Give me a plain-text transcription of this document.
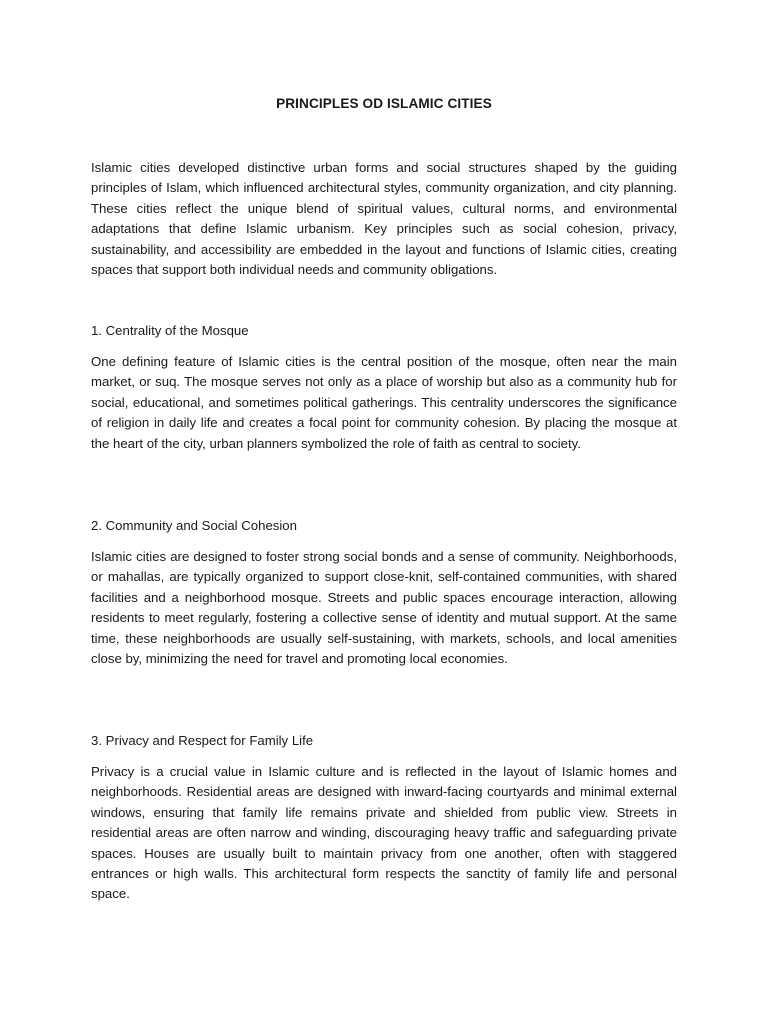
PRINCIPLES OD ISLAMIC CITIES

Islamic cities developed distinctive urban forms and social structures shaped by the guiding principles of Islam, which influenced architectural styles, community organization, and city planning. These cities reflect the unique blend of spiritual values, cultural norms, and environmental adaptations that define Islamic urbanism. Key principles such as social cohesion, privacy, sustainability, and accessibility are embedded in the layout and functions of Islamic cities, creating spaces that support both individual needs and community obligations.

1. Centrality of the Mosque

One defining feature of Islamic cities is the central position of the mosque, often near the main market, or suq. The mosque serves not only as a place of worship but also as a community hub for social, educational, and sometimes political gatherings. This centrality underscores the significance of religion in daily life and creates a focal point for community cohesion. By placing the mosque at the heart of the city, urban planners symbolized the role of faith as central to society.

2. Community and Social Cohesion

Islamic cities are designed to foster strong social bonds and a sense of community. Neighborhoods, or mahallas, are typically organized to support close-knit, self-contained communities, with shared facilities and a neighborhood mosque. Streets and public spaces encourage interaction, allowing residents to meet regularly, fostering a collective sense of identity and mutual support. At the same time, these neighborhoods are usually self-sustaining, with markets, schools, and local amenities close by, minimizing the need for travel and promoting local economies.

3. Privacy and Respect for Family Life

Privacy is a crucial value in Islamic culture and is reflected in the layout of Islamic homes and neighborhoods. Residential areas are designed with inward-facing courtyards and minimal external windows, ensuring that family life remains private and shielded from public view. Streets in residential areas are often narrow and winding, discouraging heavy traffic and safeguarding private spaces. Houses are usually built to maintain privacy from one another, often with staggered entrances or high walls. This architectural form respects the sanctity of family life and personal space.
